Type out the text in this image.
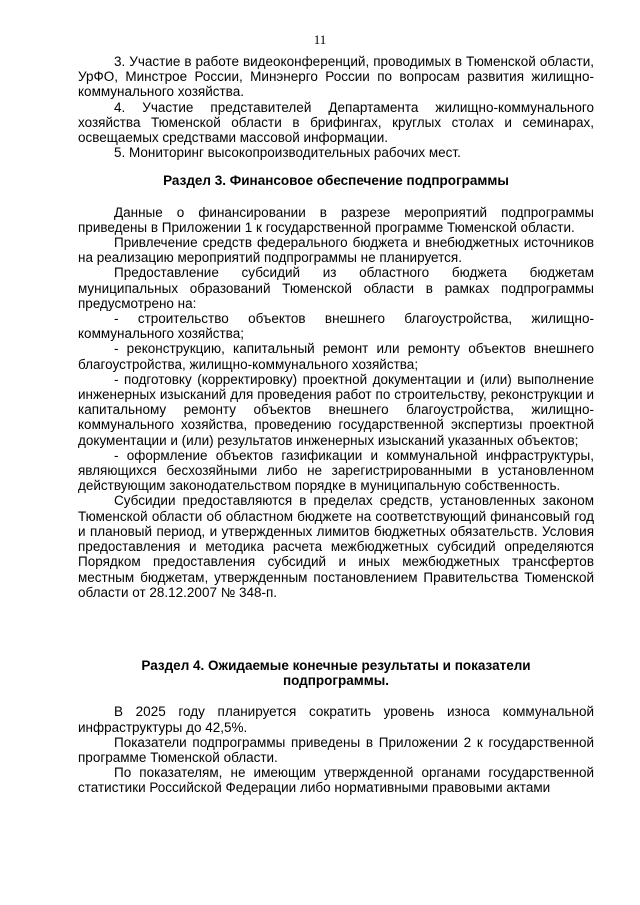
11

3. Участие в работе видеоконференций, проводимых в Тюменской области, УрФО, Минстрое России, Минэнерго России по вопросам развития жилищно-коммунального хозяйства.

4. Участие представителей Департамента жилищно-коммунального хозяйства Тюменской области в брифингах, круглых столах и семинарах, освещаемых средствами массовой информации.

5. Мониторинг высокопроизводительных рабочих мест.

Раздел 3. Финансовое обеспечение подпрограммы

Данные о финансировании в разрезе мероприятий подпрограммы приведены в Приложении 1 к государственной программе Тюменской области.

Привлечение средств федерального бюджета и внебюджетных источников на реализацию мероприятий подпрограммы не планируется.

Предоставление субсидий из областного бюджета бюджетам муниципальных образований Тюменской области в рамках подпрограммы предусмотрено на:

- строительство объектов внешнего благоустройства, жилищно-коммунального хозяйства;

- реконструкцию, капитальный ремонт или ремонту объектов внешнего благоустройства, жилищно-коммунального хозяйства;

- подготовку (корректировку) проектной документации и (или) выполнение инженерных изысканий для проведения работ по строительству, реконструкции и капитальному ремонту объектов внешнего благоустройства, жилищно-коммунального хозяйства, проведению государственной экспертизы проектной документации и (или) результатов инженерных изысканий указанных объектов;

- оформление объектов газификации и коммунальной инфраструктуры, являющихся бесхозяйными либо не зарегистрированными в установленном действующим законодательством порядке в муниципальную собственность.

Субсидии предоставляются в пределах средств, установленных законом Тюменской области об областном бюджете на соответствующий финансовый год и плановый период, и утвержденных лимитов бюджетных обязательств. Условия предоставления и методика расчета межбюджетных субсидий определяются Порядком предоставления субсидий и иных межбюджетных трансфертов местным бюджетам, утвержденным постановлением Правительства Тюменской области от 28.12.2007 № 348-п.

Раздел 4. Ожидаемые конечные результаты и показатели подпрограммы.

В 2025 году планируется сократить уровень износа коммунальной инфраструктуры до 42,5%.

Показатели подпрограммы приведены в Приложении 2 к государственной программе Тюменской области.

По показателям, не имеющим утвержденной органами государственной статистики Российской Федерации либо нормативными правовыми актами
